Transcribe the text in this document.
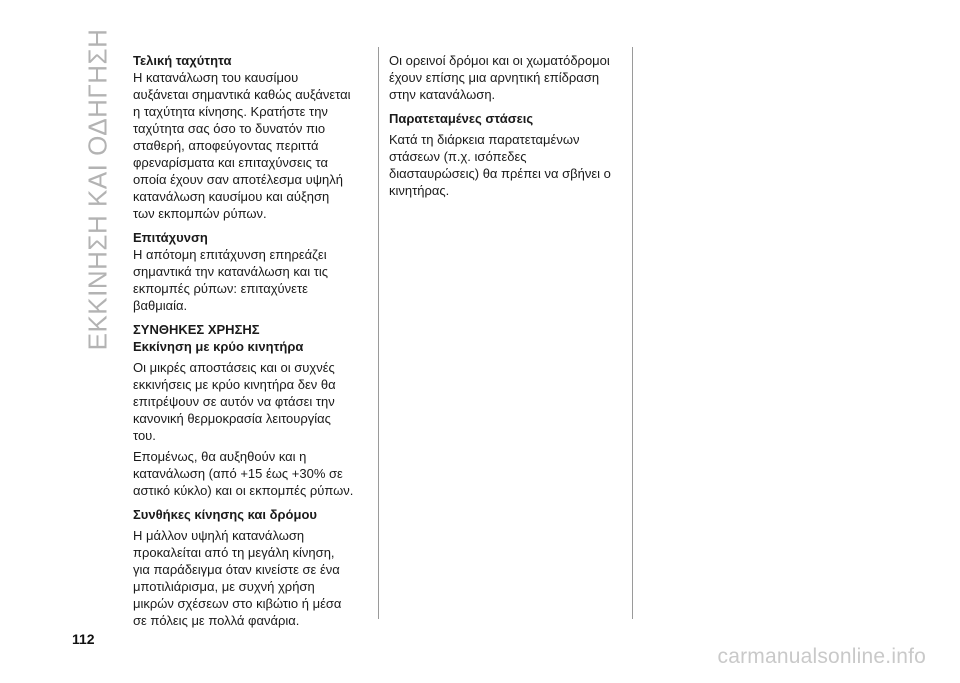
ΕΚΚΙΝΗΣΗ ΚΑΙ ΟΔΗΓΗΣΗ Τελική ταχύτητα

Η κατανάλωση του καυσίμου
αυξάνεται σημαντικά καθώς αυξάνεται
η ταχύτητα κίνησης. Κρατήστε την
ταχύτητα σας όσο το δυνατόν πιο
σταθερή, αποφεύγοντας περιττά
φρεναρίσματα και επιταχύνσεις τα
οποία έχουν σαν αποτέλεσμα υψηλή
κατανάλωση καυσίμου και αύξηση
των εκπομπών ρύπων.

Επιτάχυνση

Η απότομη επιτάχυνση επηρεάζει
σημαντικά την κατανάλωση και τις
εκπομπές ρύπων: επιταχύνετε
βαθμιαία.

ΣΥΝΘΗΚΕΣ ΧΡΗΣΗΣ
Εκκίνηση με κρύο κινητήρα

Οι μικρές αποστάσεις και οι συχνές
εκκινήσεις με κρύο κινητήρα δεν θα
επιτρέψουν σε αυτόν να φτάσει την
κανονική θερμοκρασία λειτουργίας
του.

Επομένως, θα αυξηθούν και η
κατανάλωση (από +15 έως +30% σε
αστικό κύκλο) και οι εκπομπές ρύπων.

Συνθήκες κίνησης και δρόμου

Η μάλλον υψηλή κατανάλωση
προκαλείται από τη μεγάλη κίνηση,
για παράδειγμα όταν κινείστε σε ένα
μποτιλιάρισμα, με συχνή χρήση
μικρών σχέσεων στο κιβώτιο ή μέσα
σε πόλεις με πολλά φανάρια.

Οι ορεινοί δρόμοι και οι χωματόδρομοι
έχουν επίσης μια αρνητική επίδραση
στην κατανάλωση.

Παρατεταμένες στάσεις

Κατά τη διάρκεια παρατεταμένων
στάσεων (π.χ. ισόπεδες
διασταυρώσεις) θα πρέπει να σβήνει ο
κινητήρας.

112
carmanualsonline.info
